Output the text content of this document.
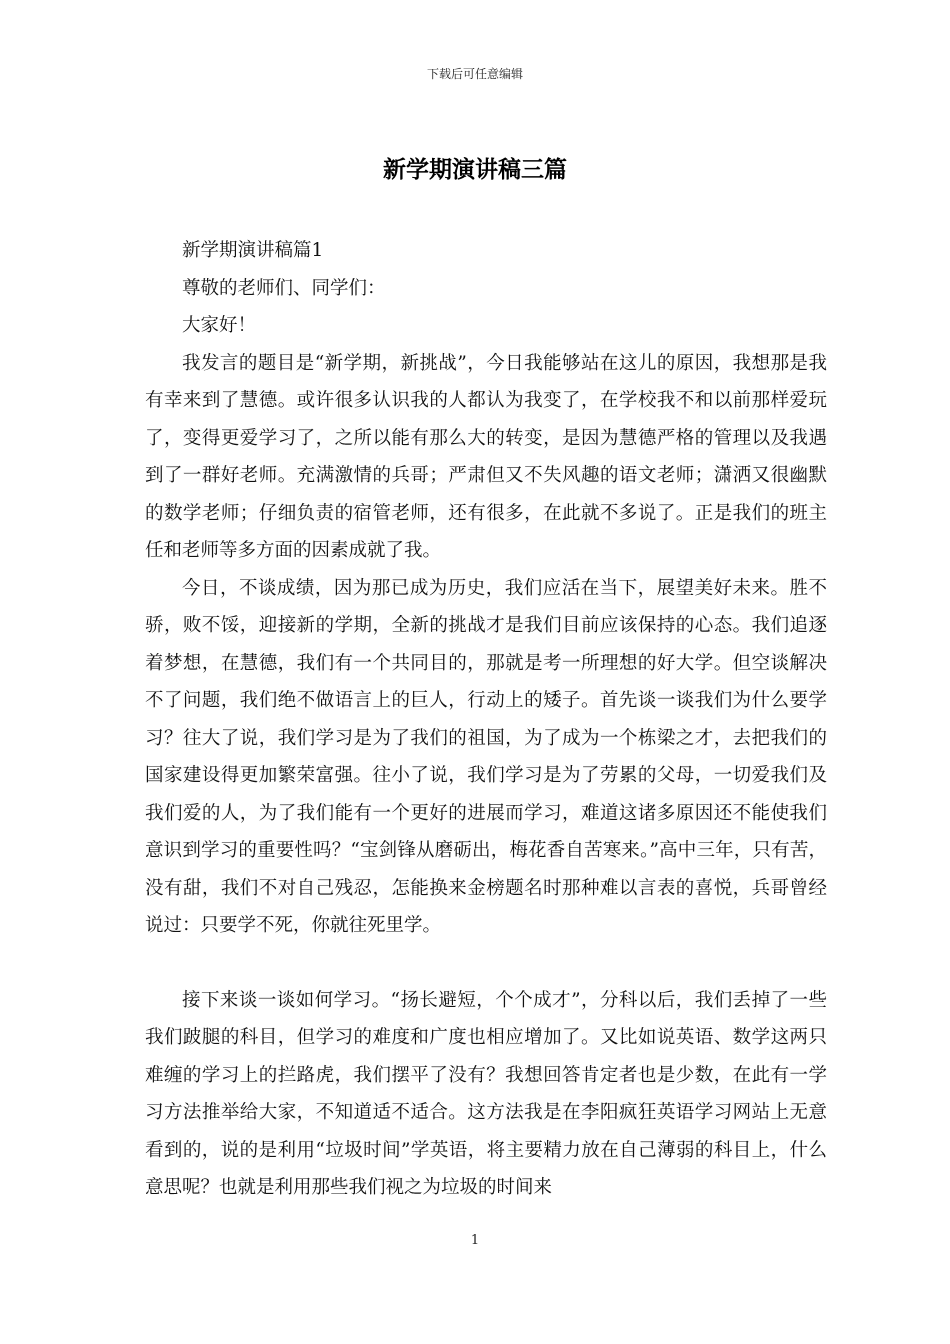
下载后可任意编辑
新学期演讲稿三篇

新学期演讲稿篇1

尊敬的老师们、同学们：

大家好！

我发言的题目是“新学期，新挑战”，今日我能够站在这儿的原因，我想那是我有幸来到了慧德。或许很多认识我的人都认为我变了，在学校我不和以前那样爱玩了，变得更爱学习了，之所以能有那么大的转变，是因为慧德严格的管理以及我遇到了一群好老师。充满激情的兵哥；严肃但又不失风趣的语文老师；潇洒又很幽默的数学老师；仔细负责的宿管老师，还有很多，在此就不多说了。正是我们的班主任和老师等多方面的因素成就了我。

今日，不谈成绩，因为那已成为历史，我们应活在当下，展望美好未来。胜不骄，败不馁，迎接新的学期，全新的挑战才是我们目前应该保持的心态。我们追逐着梦想，在慧德，我们有一个共同目的，那就是考一所理想的好大学。但空谈解决不了问题，我们绝不做语言上的巨人，行动上的矮子。首先谈一谈我们为什么要学习？往大了说，我们学习是为了我们的祖国，为了成为一个栋梁之才，去把我们的国家建设得更加繁荣富强。往小了说，我们学习是为了劳累的父母，一切爱我们及我们爱的人，为了我们能有一个更好的进展而学习，难道这诸多原因还不能使我们意识到学习的重要性吗？“宝剑锋从磨砺出，梅花香自苦寒来。”高中三年，只有苦，没有甜，我们不对自己残忍，怎能换来金榜题名时那种难以言表的喜悦，兵哥曾经说过：只要学不死，你就往死里学。

接下来谈一谈如何学习。“扬长避短，个个成才”，分科以后，我们丢掉了一些我们跛腿的科目，但学习的难度和广度也相应增加了。又比如说英语、数学这两只难缠的学习上的拦路虎，我们摆平了没有？我想回答肯定者也是少数，在此有一学习方法推举给大家，不知道适不适合。这方法我是在李阳疯狂英语学习网站上无意看到的，说的是利用“垃圾时间”学英语，将主要精力放在自己薄弱的科目上，什么意思呢？也就是利用那些我们视之为垃圾的时间来

1
